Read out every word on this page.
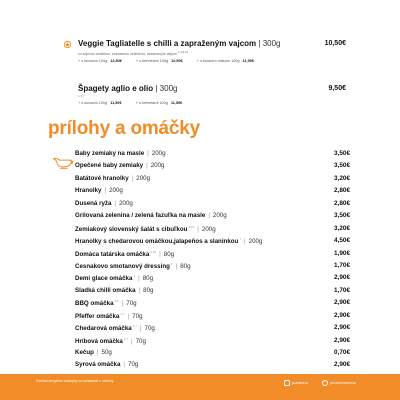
Veggie Tagliatelle s chilli a zapraženým vajcom | 300g
so sójovou omáčkou, zmrazenou zeleninou, sezamovým olejom $^{1,3,6,11}$
10,50€
+ s kuracím 100g 12,50€	+ s krevetami 100g 12,50€	+ s kuracím mäsom 100g 11,50€
Špagety aglio e olio | 300g
1,3,7
9,50€
+ s kuracím 100g 11,50€	+ s krevetami 100g 11,50€
prílohy a omáčky
Baby zemiaky na masle | 200g	3,50€
Opečené baby zemiaky | 200g	3,50€
Batátové hranolky | 200g	3,20€
Hranolky | 200g	2,80€
Dusená ryža | 200g	2,80€
Grilovaná zelenina / zelená fazuľka na masle | 200g	3,50€
Zemiakový slovenský šalát s cibuľkou$^{3,10}$ | 200g	3,20€
Hranolky s chedarovou omáčkou,jalapeňos a slaninkou$^7$ | 200g	4,50€
Domáca tatárska omáčka$^{3,10}$ | 80g	1,90€
Cesnakovo smotanový dressing$^7$ | 80g	1,70€
Demi glace omáčka$^1$ | 80g	2,90€
Sladká chilli omáčka | 80g	1,70€
BBQ omáčka$^{1,6}$ | 70g	2,90€
Pfeffer omáčka$^{1,7}$ | 70g	2,90€
Chedarová omáčka$^{1,7}$ | 70g	2,90€
Hríbová omáčka$^{1,7}$ | 70g	2,90€
Kečup | 50g	0,70€
Syrová omáčka | 70g	2,90€
Prehľad alergénov dostupný na vyžiadanie u obsluhy.	pizzerino	pizzerinomenu
